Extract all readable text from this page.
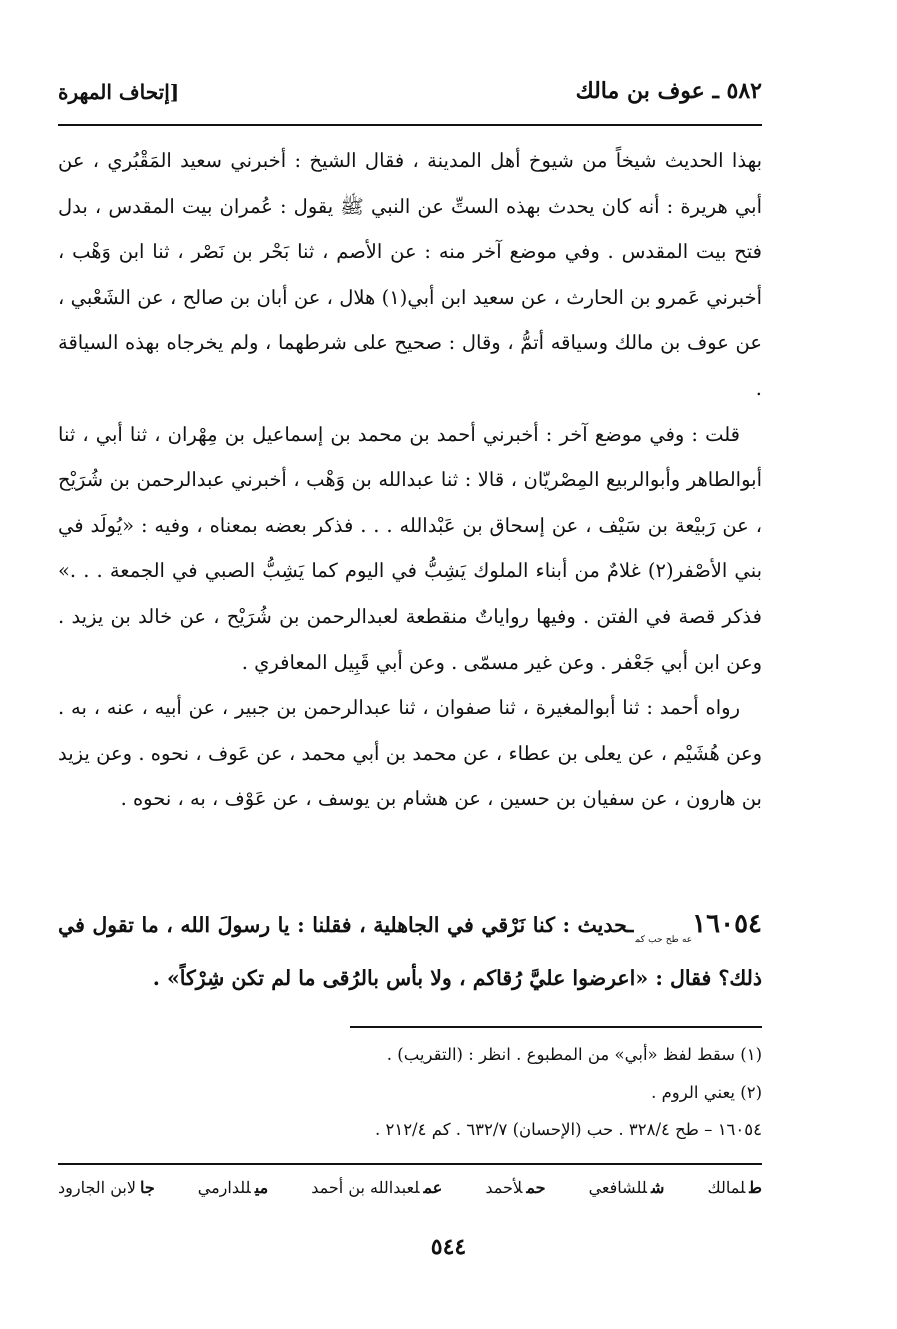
٥٨٢ ـ عوف بن مالك
[إتحاف المهرة

بهذا الحديث شيخاً من شيوخ أهل المدينة ، فقال الشيخ : أخبرني سعيد المَقْبُري ، عن أبي هريرة : أنه كان يحدث بهذه الستِّ عن النبي ﷺ يقول : عُمران بيت المقدس ، بدل فتح بيت المقدس . وفي موضع آخر منه : عن الأصم ، ثنا بَحْر بن نَصْر ، ثنا ابن وَهْب ، أخبرني عَمرو بن الحارث ، عن سعيد ابن أبي(١) هلال ، عن أبان بن صالح ، عن الشَعْبي ، عن عوف بن مالك وسياقه أتمُّ ، وقال : صحيح على شرطهما ، ولم يخرجاه بهذه السياقة .

قلت : وفي موضع آخر : أخبرني أحمد بن محمد بن إسماعيل بن مِهْران ، ثنا أبي ، ثنا أبوالطاهر وأبوالربيع المِصْريّان ، قالا : ثنا عبدالله بن وَهْب ، أخبرني عبدالرحمن بن شُرَيْح ، عن رَبيْعة بن سَيْف ، عن إسحاق بن عَبْدالله . . . فذكر بعضه بمعناه ، وفيه : «يُولَد في بني الأصْفر(٢) غلامٌ من أبناء الملوك يَشِبُّ في اليوم كما يَشِبُّ الصبي في الجمعة . . .» فذكر قصة في الفتن . وفيها رواياتٌ منقطعة لعبدالرحمن بن شُرَيْح ، عن خالد بن يزيد . وعن ابن أبي جَعْفر . وعن غير مسمّى . وعن أبي قَبِيل المعافري .

رواه أحمد : ثنا أبوالمغيرة ، ثنا صفوان ، ثنا عبدالرحمن بن جبير ، عن أبيه ، عنه ، به . وعن هُشَيْم ، عن يعلى بن عطاء ، عن محمد بن أبي محمد ، عن عَوف ، نحوه . وعن يزيد بن هارون ، عن سفيان بن حسين ، عن هشام بن يوسف ، عن عَوْف ، به ، نحوه .

$١٦٠٥٤_{عه طح حب كم}ـحديث$ : كنا نَرْقي في الجاهلية ، فقلنا : يا رسولَ الله ، ما تقول في ذلك؟ فقال : «اعرضوا عليَّ رُقاكم ، ولا بأس بالرُقى ما لم تكن شِرْكاً» .

(١) سقط لفظ «أبي» من المطبوع . انظر : (التقريب) .

(٢) يعني الروم .

١٦٠٥٤ – طح ٣٢٨/٤ . حب (الإحسان) ٦٣٢/٧ . كم ٢١٢/٤ .

طلمالك
شللشافعي
حملأحمد
عملعبدالله بن أحمد
ميللدارمي
جالابن الجارود
٥٤٤
